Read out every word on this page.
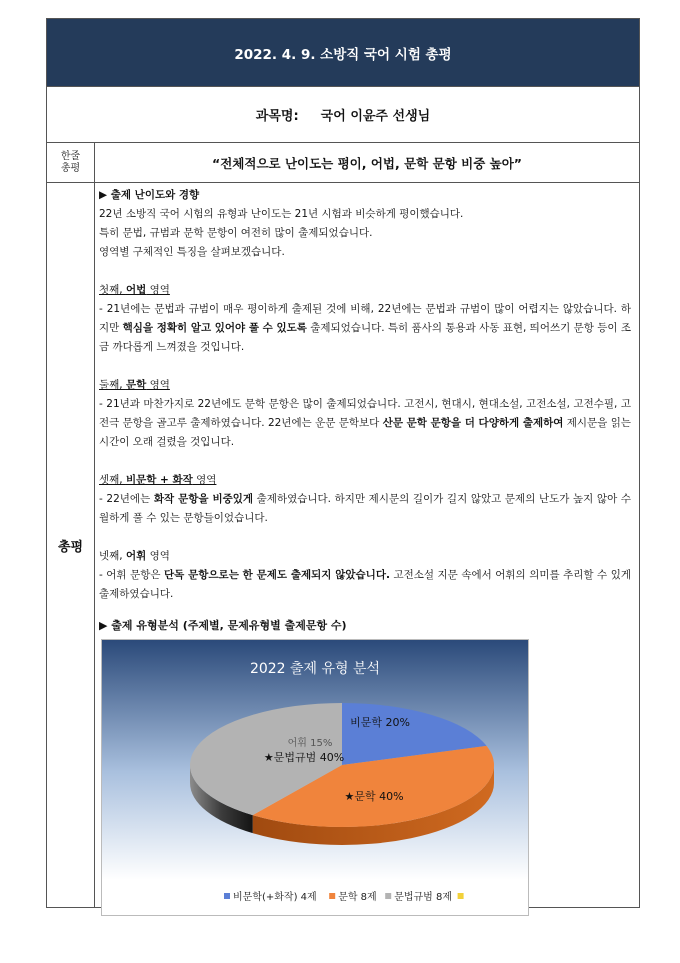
2022. 4. 9. 소방직 국어 시험 총평
과목명: 국어 이윤주 선생님
한줄 총평	“전체적으로 난이도는 평이, 어법, 문학 문항 비중 높아”
총평

▶ 출제 난이도와 경향

22년 소방직 국어 시험의 유형과 난이도는 21년 시험과 비슷하게 평이했습니다.

특히 문법, 규범과 문학 문항이 여전히 많이 출제되었습니다.

영역별 구체적인 특징을 살펴보겠습니다.

첫째, 어법 영역

- 21년에는 문법과 규범이 매우 평이하게 출제된 것에 비해, 22년에는 문법과 규범이 많이 어렵지는 않았습니다. 하지만 핵심을 정확히 알고 있어야 풀 수 있도록 출제되었습니다. 특히 품사의 통용과 사동 표현, 띄어쓰기 문항 등이 조금 까다롭게 느껴졌을 것입니다.

둘째, 문학 영역

- 21년과 마찬가지로 22년에도 문학 문항은 많이 출제되었습니다. 고전시, 현대시, 현대소설, 고전소설, 고전수필, 고전극 문항을 골고루 출제하였습니다. 22년에는 운문 문학보다 산문 문학 문항을 더 다양하게 출제하여 제시문을 읽는 시간이 오래 걸렸을 것입니다.

셋째, 비문학 + 화작 영역

- 22년에는 화작 문항을 비중있게 출제하였습니다. 하지만 제시문의 길이가 길지 않았고 문제의 난도가 높지 않아 수월하게 풀 수 있는 문항들이었습니다.

넷째, 어휘 영역

- 어휘 문항은 단독 문항으로는 한 문제도 출제되지 않았습니다. 고전소설 지문 속에서 어휘의 의미를 추리할 수 있게 출제하였습니다.

▶ 출제 유형분석 (주제별, 문제유형별 출제문항 수)
2022 출제 유형 분석
비문학 20%
★문학 40%
★문법규범 40%
어휘 15%
비문학(+화작) 4제 문학 8제 문법규범 8제
